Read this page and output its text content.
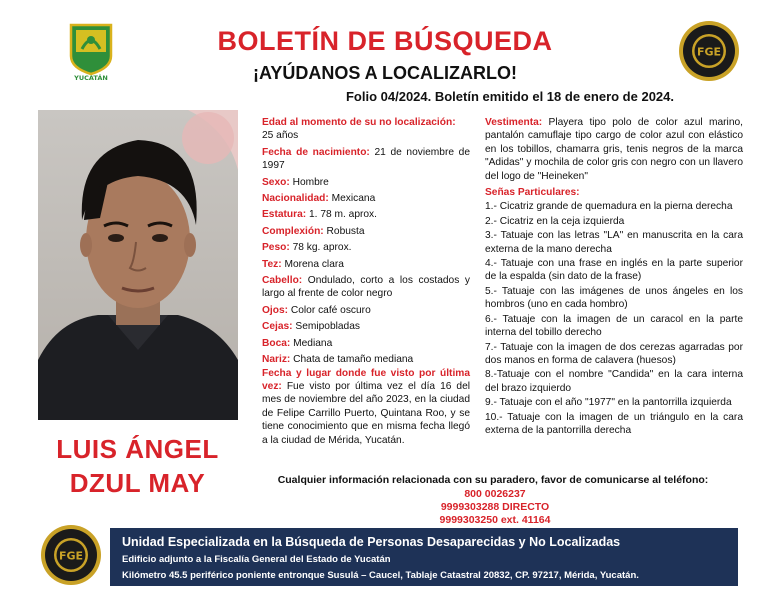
YUCATÁN
FGE
BOLETÍN DE BÚSQUEDA
¡AYÚDANOS A LOCALIZARLO!
Folio 04/2024. Boletín emitido el 18 de enero de 2024.
LUIS ÁNGEL
DZUL MAY

Edad al momento de su no localización:
25 años

Fecha de nacimiento: 21 de noviembre de 1997

Sexo: Hombre

Nacionalidad: Mexicana

Estatura: 1. 78 m. aprox.

Complexión: Robusta

Peso: 78 kg. aprox.

Tez: Morena clara

Cabello: Ondulado, corto a los costados y largo al frente de color negro

Ojos: Color café oscuro

Cejas: Semipobladas

Boca: Mediana

Nariz: Chata de tamaño mediana

Fecha y lugar donde fue visto por última vez: Fue visto por última vez el día 16 del mes de noviembre del año 2023, en la ciudad de Felipe Carrillo Puerto, Quintana Roo, y se tiene conocimiento que en misma fecha llegó a la ciudad de Mérida, Yucatán.

Vestimenta: Playera tipo polo de color azul marino, pantalón camuflaje tipo cargo de color azul con elástico en los tobillos, chamarra gris, tenis negros de la marca "Adidas" y mochila de color gris con negro con un llavero del logo de "Heineken"

Señas Particulares:

1.- Cicatriz grande de quemadura en la pierna derecha

2.- Cicatriz en la ceja izquierda

3.- Tatuaje con las letras "LA" en manuscrita en la cara externa de la mano derecha

4.- Tatuaje con una frase en inglés en la parte superior de la espalda (sin dato de la frase)

5.- Tatuaje con las imágenes de unos ángeles en los hombros (uno en cada hombro)

6.- Tatuaje con la imagen de un caracol en la parte interna del tobillo derecho

7.- Tatuaje con la imagen de dos cerezas agarradas por dos manos en forma de calavera (huesos)

8.-Tatuaje con el nombre "Candida" en la cara interna del brazo izquierdo

9.- Tatuaje con el año "1977" en la pantorrilla izquierda

10.- Tatuaje con la imagen de un triángulo en la cara externa de la pantorrilla derecha

Cualquier información relacionada con su paradero, favor de comunicarse al teléfono:
800 0026237
9999303288 DIRECTO
9999303250 ext. 41164
FGE
Unidad Especializada en la Búsqueda de Personas Desaparecidas y No Localizadas
Edificio adjunto a la Fiscalía General del Estado de Yucatán
Kilómetro 45.5 periférico poniente entronque Susulá – Caucel, Tablaje Catastral 20832, CP. 97217, Mérida, Yucatán.
